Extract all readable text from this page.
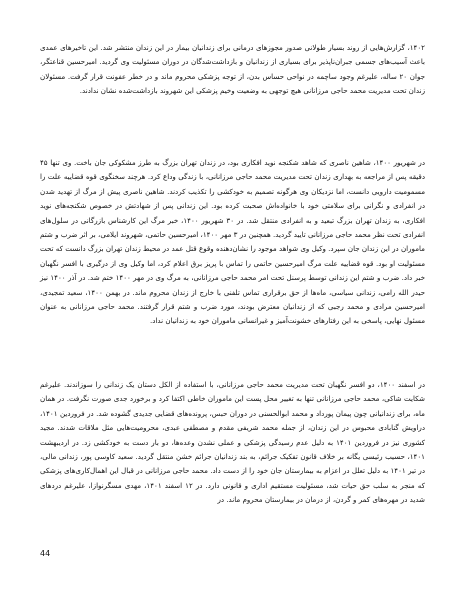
۱۴۰۲، گزارش‌هایی از روند بسیار طولانی صدور مجوزهای درمانی برای زندانیان بیمار در این زندان منتشر شد. این تاخیرهای عمدی باعث آسیب‌های جسمی جبران‌ناپذیر برای بسیاری از زندانیان و بازداشت‌شدگان در دوران مسئولیت وی گردید. امیرحسین قناعتگر، جوان ۲۰ ساله، علیرغم وجود ساچمه در نواحی حساس بدن، از توجه پزشکی محروم ماند و در خطر عفونت قرار گرفت. مسئولان زندان تحت مدیریت محمد حاجی مرزانانی هیچ توجهی به وضعیت وخیم پزشکی این شهروند بازداشت‌شده نشان ندادند.

در شهریور ۱۴۰۰، شاهین ناصری که شاهد شکنجه نوید افکاری بود، در زندان تهران بزرگ به طرز مشکوکی جان باخت. وی تنها ۴۵ دقیقه پس از مراجعه به بهداری زندان تحت مدیریت محمد حاجی مرزانانی، با زندگی وداع کرد. هرچند سخنگوی قوه قضاییه علت را مسمومیت دارویی دانست، اما نزدیکان وی هرگونه تصمیم به خودکشی را تکذیب کردند. شاهین ناصری پیش از مرگ از تهدید شدن در انفرادی و نگرانی برای سلامتی خود با خانواده‌اش صحبت کرده بود. این زندانی پس از شهادتش در خصوص شکنجه‌های نوید افکاری، به زندان تهران بزرگ تبعید و به انفرادی منتقل شد. در ۳۰ شهریور ۱۴۰۰، خبر مرگ این کارشناس بازرگانی در سلول‌های انفرادی تحت نظر محمد حاجی مرزانانی تایید گردید. همچنین در ۳ مهر ۱۴۰۰، امیرحسین حاتمی، شهروند ایلامی، بر اثر ضرب و شتم ماموران در این زندان جان سپرد. وکیل وی شواهد موجود را نشان‌دهنده وقوع قتل عمد در محیط زندان تهران بزرگ دانست که تحت مسئولیت او بود. قوه قضاییه علت مرگ امیرحسین حاتمی را تماس با پریز برق اعلام کرد، اما وکیل وی از درگیری با افسر نگهبان خبر داد. ضرب و شتم این زندانی توسط پرسنل تحت امر محمد حاجی مرزانانی، به مرگ وی در مهر ۱۴۰۰ ختم شد. در آذر ۱۴۰۰ نیز حیدر الله رامی، زندانی سیاسی، ماه‌ها از حق برقراری تماس تلفنی با خارج از زندان محروم ماند. در بهمن ۱۴۰۰، سعید تمجیدی، امیرحسین مرادی و محمد رجبی که از زندانیان معترض بودند، مورد ضرب و شتم قرار گرفتند. محمد حاجی مرزانانی به عنوان مسئول نهایی، پاسخی به این رفتارهای خشونت‌آمیز و غیرانسانی ماموران خود به زندانیان نداد.

در اسفند ۱۴۰۰، دو افسر نگهبان تحت مدیریت محمد حاجی مرزانانی، با استفاده از الکل دستان یک زندانی را سوزاندند. علیرغم شکایت شاکی، محمد حاجی مرزانانی تنها به تغییر محل پست این ماموران خاطی اکتفا کرد و برخورد جدی صورت نگرفت. در همان ماه، برای زندانیانی چون پیمان پورداد و محمد ابوالحسنی در دوران حبس، پرونده‌های قضایی جدیدی گشوده شد. در فروردین ۱۴۰۱، دراویش گنابادی محبوس در این زندان، از جمله محمد شریفی مقدم و مصطفی عبدی، محرومیت‌هایی مثل ملاقات شدند. مجید کشوری نیز در فروردین ۱۴۰۱ به دلیل عدم رسیدگی پزشکی و عملی نشدن وعده‌ها، دو بار دست به خودکشی زد. در اردیبهشت ۱۴۰۱، حسیب رئیسی یگانه بر خلاف قانون تفکیک جرائم، به بند زندانیان جرائم خشن منتقل گردید. سعید کاوسی پور، زندانی مالی، در تیر ۱۴۰۱ به دلیل تعلل در اعزام به بیمارستان جان خود را از دست داد. محمد حاجی مرزانانی در قبال این اهمال‌کاری‌های پزشکی که منجر به سلب حق حیات شد، مسئولیت مستقیم اداری و قانونی دارد. در ۱۲ اسفند ۱۴۰۱، مهدی مسگرنوازا، علیرغم دردهای شدید در مهره‌های کمر و گردن، از درمان در بیمارستان محروم ماند. در

44
